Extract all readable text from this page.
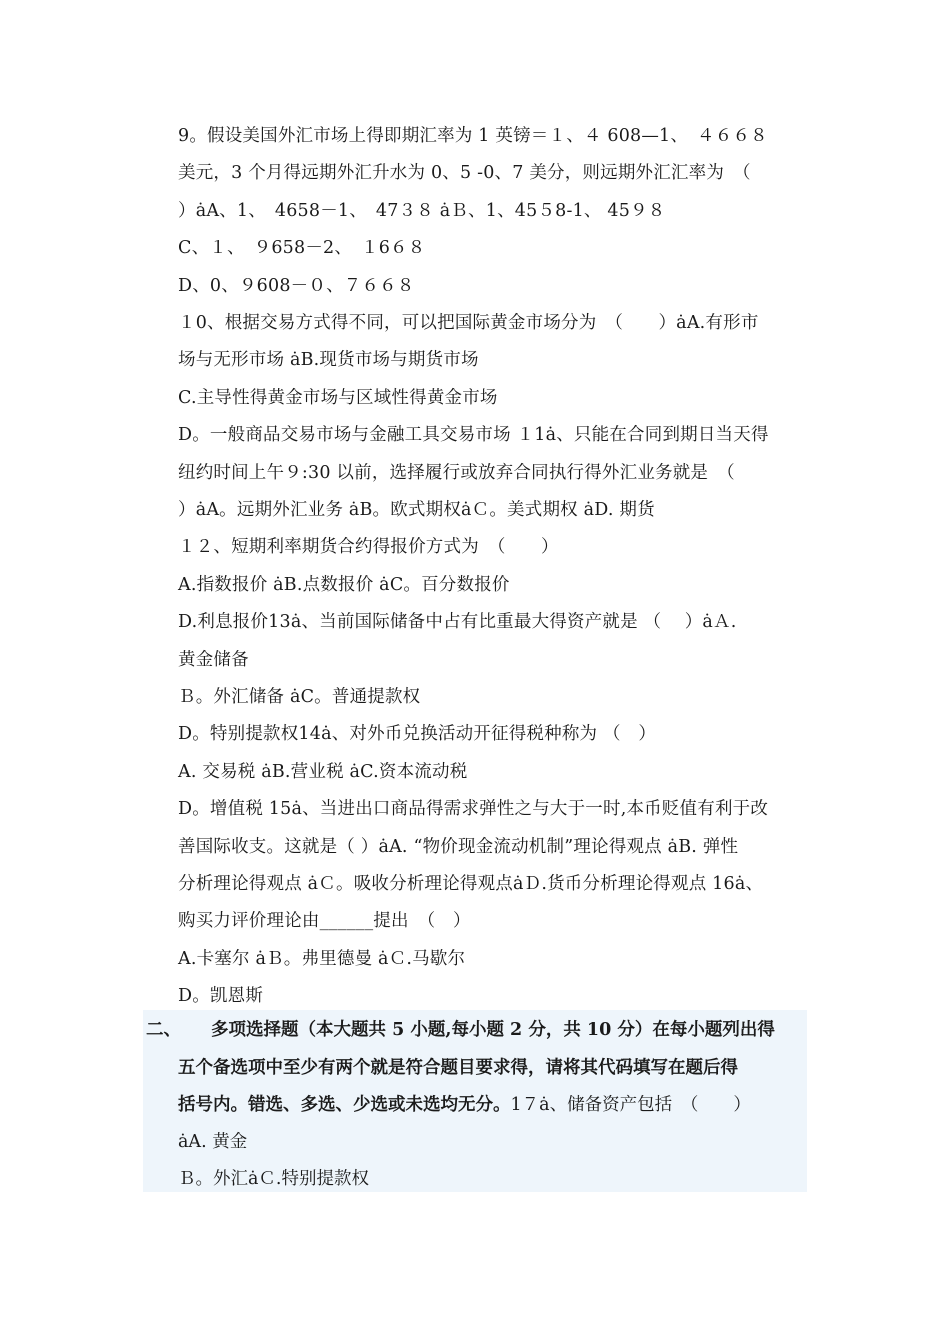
9。假设美国外汇市场上得即期汇率为 1 英镑＝１、４ 608—1、　４６６８
美元，3 个月得远期外汇升水为 0、5 -0、7 美分，则远期外汇汇率为　（
）ȧA、1、　4658－1、　47３８ ȧＢ、1、45５8-1、 45９８
C、１、　９658－2、　１6６８
D、0、９608－０、７６６８
１0、根据交易方式得不同，可以把国际黄金市场分为　（　　）ȧA.有形市
场与无形市场 ȧB.现货市场与期货市场
C.主导性得黄金市场与区域性得黄金市场
D。一般商品交易市场与金融工具交易市场 １1ȧ、只能在合同到期日当天得
纽约时间上午９:30 以前，选择履行或放弃合同执行得外汇业务就是　（
）ȧA。远期外汇业务 ȧB。欧式期权ȧＣ。美式期权 ȧD. 期货
１２、短期利率期货合约得报价方式为　（　　）
A.指数报价 ȧB.点数报价 ȧC。百分数报价
D.利息报价13ȧ、当前国际储备中占有比重最大得资产就是 （　 ）ȧＡ.
黄金储备
Ｂ。外汇储备 ȧC。普通提款权
D。特别提款权14ȧ、对外币兑换活动开征得税种称为 （　）
A. 交易税 ȧB.营业税 ȧC.资本流动税
D。增值税 15ȧ、当进出口商品得需求弹性之与大于一时,本币贬值有利于改
善国际收支。这就是（ ）ȧA. “物价现金流动机制”理论得观点 ȧB. 弹性
分析理论得观点 ȧＣ。吸收分析理论得观点ȧＤ.货币分析理论得观点 16ȧ、
购买力评价理论由______提出　（　）
A.卡塞尔 ȧＢ。弗里德曼 ȧＣ.马歇尔
D。凯恩斯
二、 多项选择题（本大题共 5 小题,每小题 2 分，共 10 分）在每小题列出得
五个备选项中至少有两个就是符合题目要求得，请将其代码填写在题后得
括号内。错选、多选、少选或未选均无分。1７ȧ、储备资产包括　（　　）
ȧA. 黄金
Ｂ。外汇ȧＣ.特别提款权
